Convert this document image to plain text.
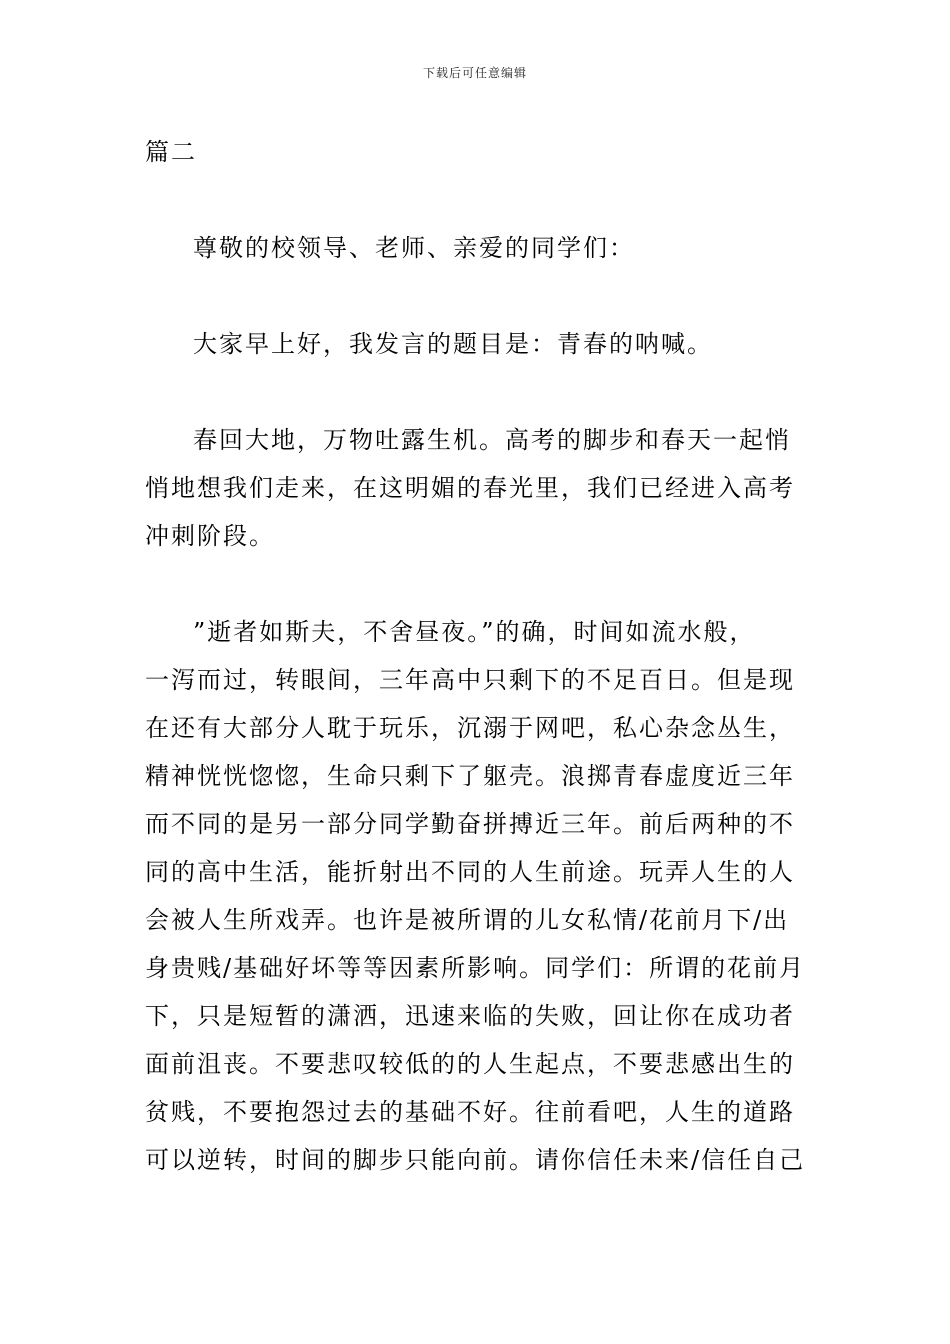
下载后可任意编辑
篇二
尊敬的校领导、老师、亲爱的同学们：
大家早上好，我发言的题目是：青春的呐喊。
春回大地，万物吐露生机。高考的脚步和春天一起悄
悄地想我们走来，在这明媚的春光里，我们已经进入高考
冲刺阶段。
”逝者如斯夫，不舍昼夜。”的确，时间如流水般，
一泻而过，转眼间，三年高中只剩下的不足百日。但是现
在还有大部分人耽于玩乐，沉溺于网吧，私心杂念丛生，
精神恍恍惚惚，生命只剩下了躯壳。浪掷青春虚度近三年
而不同的是另一部分同学勤奋拼搏近三年。前后两种的不
同的高中生活，能折射出不同的人生前途。玩弄人生的人
会被人生所戏弄。也许是被所谓的儿女私情/花前月下/出
身贵贱/基础好坏等等因素所影响。同学们：所谓的花前月
下，只是短暂的潇洒，迅速来临的失败，回让你在成功者
面前沮丧。不要悲叹较低的的人生起点，不要悲感出生的
贫贱，不要抱怨过去的基础不好。往前看吧，人生的道路
可以逆转，时间的脚步只能向前。请你信任未来/信任自己
